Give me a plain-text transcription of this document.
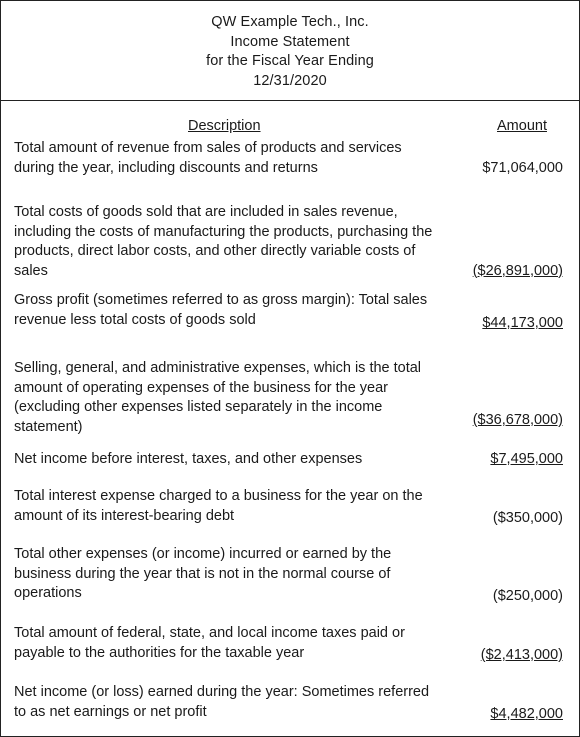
QW Example Tech., Inc.
Income Statement
for the Fiscal Year Ending
12/31/2020
Description	Amount
Total amount of revenue from sales of products and services during the year, including discounts and returns	$71,064,000
Total costs of goods sold that are included in sales revenue, including the costs of manufacturing the products, purchasing the products, direct labor costs, and other directly variable costs of sales	($26,891,000)
Gross profit (sometimes referred to as gross margin): Total sales revenue less total costs of goods sold	$44,173,000
Selling, general, and administrative expenses, which is the total amount of operating expenses of the business for the year (excluding other expenses listed separately in the income statement)	($36,678,000)
Net income before interest, taxes, and other expenses	$7,495,000
Total interest expense charged to a business for the year on the amount of its interest-bearing debt	($350,000)
Total other expenses (or income) incurred or earned by the business during the year that is not in the normal course of operations	($250,000)
Total amount of federal, state, and local income taxes paid or payable to the authorities for the taxable year	($2,413,000)
Net income (or loss) earned during the year: Sometimes referred to as net earnings or net profit	$4,482,000
